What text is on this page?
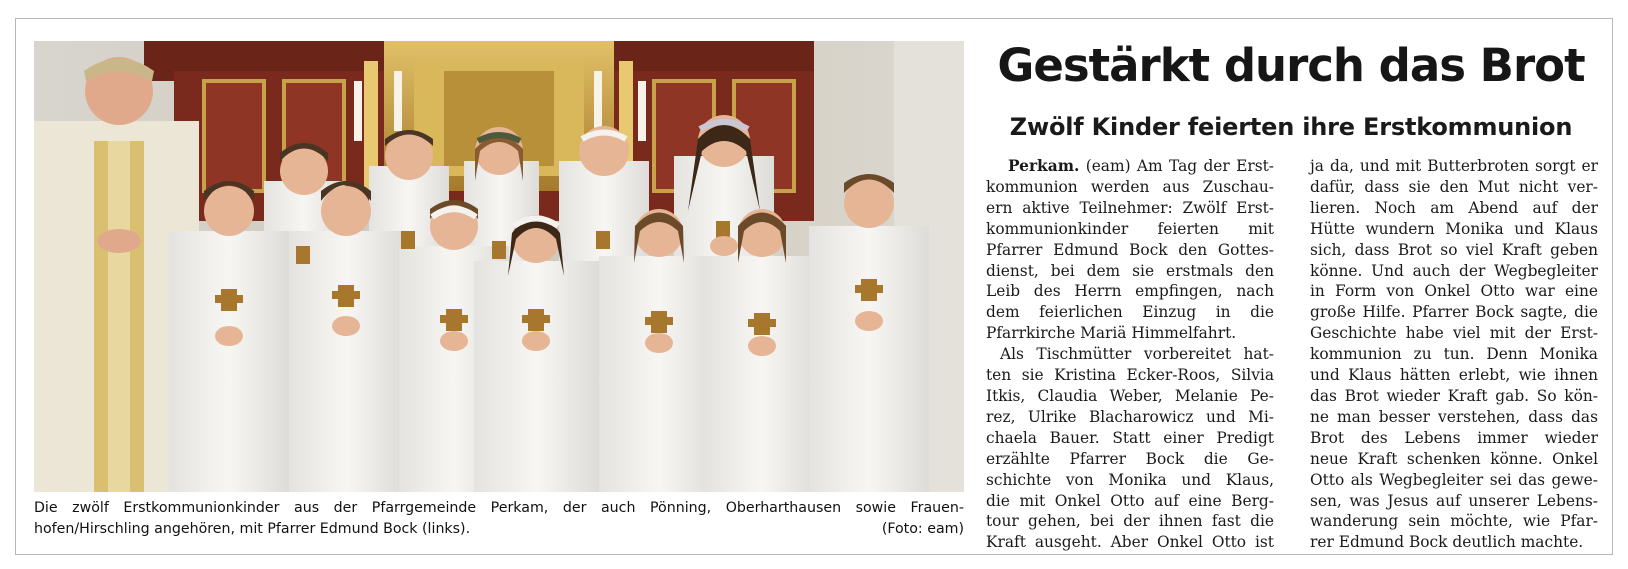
Die zwölf Erstkommunionkinder aus der Pfarrgemeinde Perkam, der auch Pönning, Oberharthausen sowie Frauen-
hofen/Hirschling angehören, mit Pfarrer Edmund Bock (links).	(Foto: eam)
Gestärkt durch das Brot
Zwölf Kinder feierten ihre Erstkommunion
Perkam. (eam) Am Tag der Erst-
kommunion werden aus Zuschau-
ern aktive Teilnehmer: Zwölf Erst-
kommunionkinder feierten mit
Pfarrer Edmund Bock den Gottes-
dienst, bei dem sie erstmals den
Leib des Herrn empfingen, nach
dem feierlichen Einzug in die
Pfarrkirche Mariä Himmelfahrt.
Als Tischmütter vorbereitet hat-
ten sie Kristina Ecker-Roos, Silvia
Itkis, Claudia Weber, Melanie Pe-
rez, Ulrike Blacharowicz und Mi-
chaela Bauer. Statt einer Predigt
erzählte Pfarrer Bock die Ge-
schichte von Monika und Klaus,
die mit Onkel Otto auf eine Berg-
tour gehen, bei der ihnen fast die
Kraft ausgeht. Aber Onkel Otto ist
ja da, und mit Butterbroten sorgt er
dafür, dass sie den Mut nicht ver-
lieren. Noch am Abend auf der
Hütte wundern Monika und Klaus
sich, dass Brot so viel Kraft geben
könne. Und auch der Wegbegleiter
in Form von Onkel Otto war eine
große Hilfe. Pfarrer Bock sagte, die
Geschichte habe viel mit der Erst-
kommunion zu tun. Denn Monika
und Klaus hätten erlebt, wie ihnen
das Brot wieder Kraft gab. So kön-
ne man besser verstehen, dass das
Brot des Lebens immer wieder
neue Kraft schenken könne. Onkel
Otto als Wegbegleiter sei das gewe-
sen, was Jesus auf unserer Lebens-
wanderung sein möchte, wie Pfar-
rer Edmund Bock deutlich machte.
